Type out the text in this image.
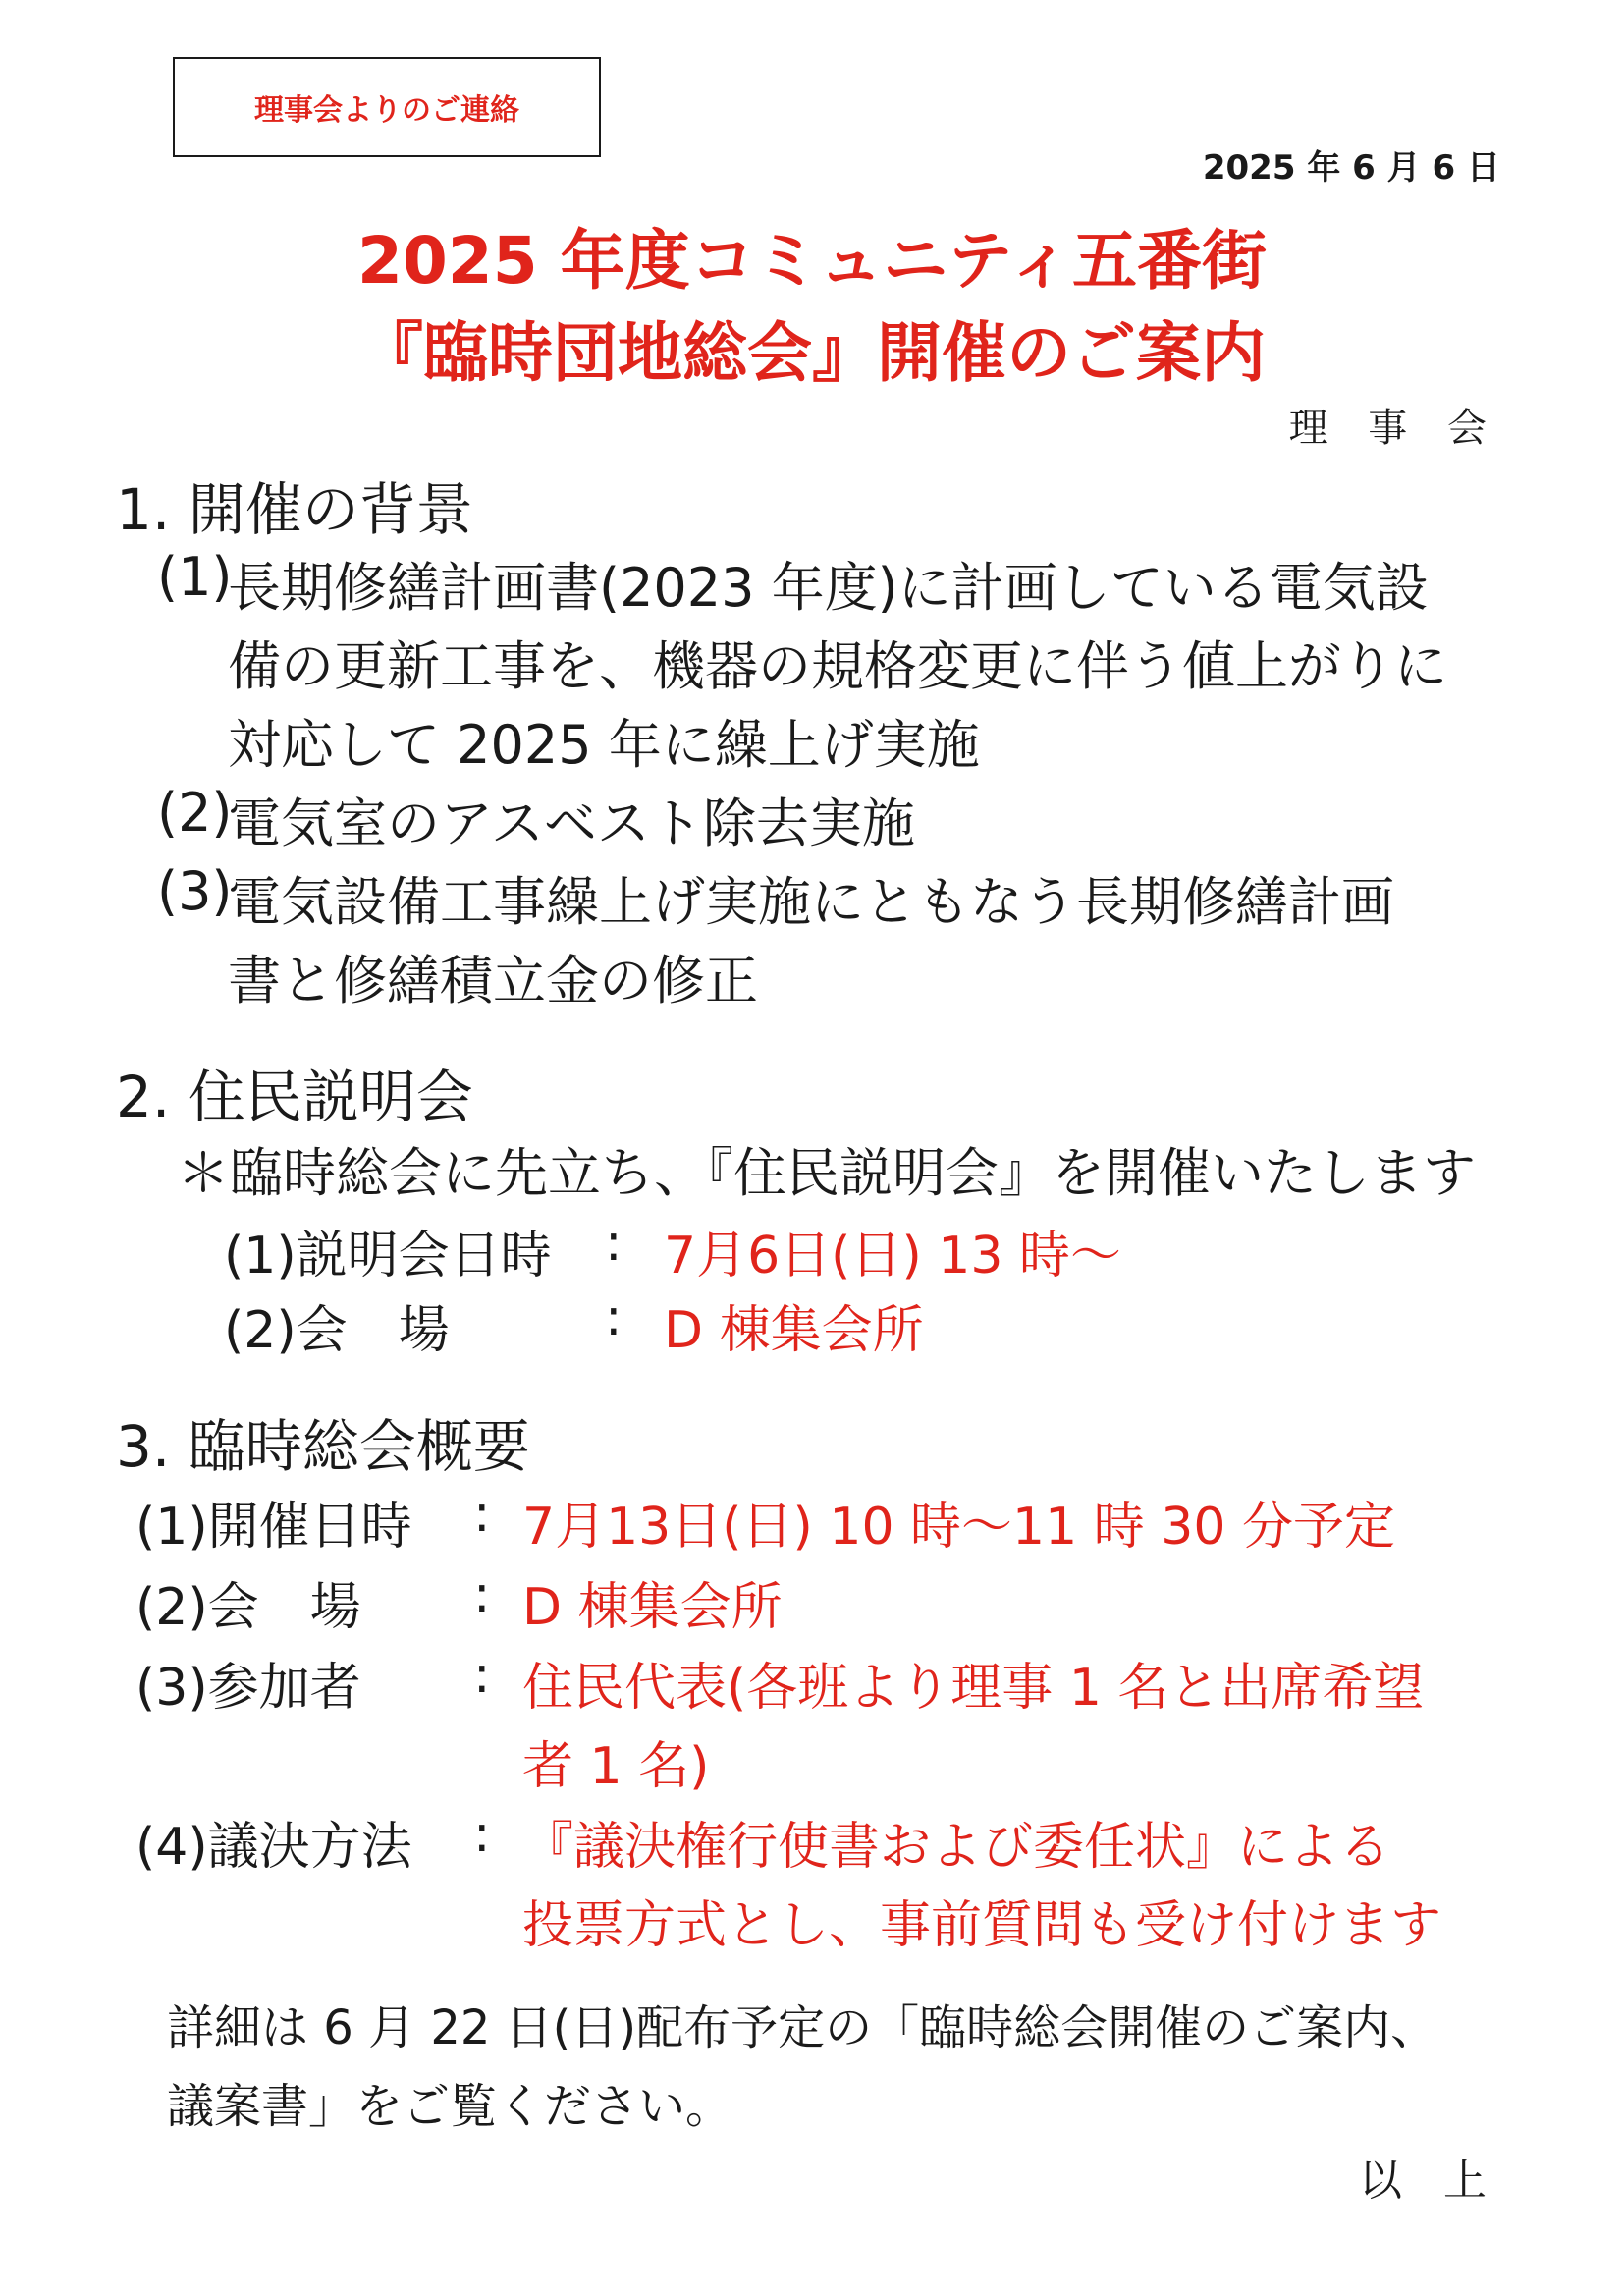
理事会よりのご連絡
2025 年 6 月 6 日
2025 年度コミュニティ五番街
『臨時団地総会』開催のご案内
理 事 会
1. 開催の背景
(1)
長期修繕計画書(2023 年度)に計画している電気設
備の更新工事を、機器の規格変更に伴う値上がりに
対応して 2025 年に繰上げ実施
(2)
電気室のアスベスト除去実施
(3)
電気設備工事繰上げ実施にともなう長期修繕計画
書と修繕積立金の修正
2. 住民説明会
＊臨時総会に先立ち、『住民説明会』を開催いたします
(1)説明会日時 : 7月6日(日) 13 時～
(2)会　場	: D 棟集会所
3. 臨時総会概要
(1)開催日時 : 7月13日(日) 10 時～11 時 30 分予定
(2)会　場 : D 棟集会所
(3)参加者 : 住民代表(各班より理事 1 名と出席希望
者 1 名)
(4)議決方法 : 『議決権行使書および委任状』による
投票方式とし、事前質問も受け付けます
詳細は 6 月 22 日(日)配布予定の「臨時総会開催のご案内、
議案書」をご覧ください。
以 上
